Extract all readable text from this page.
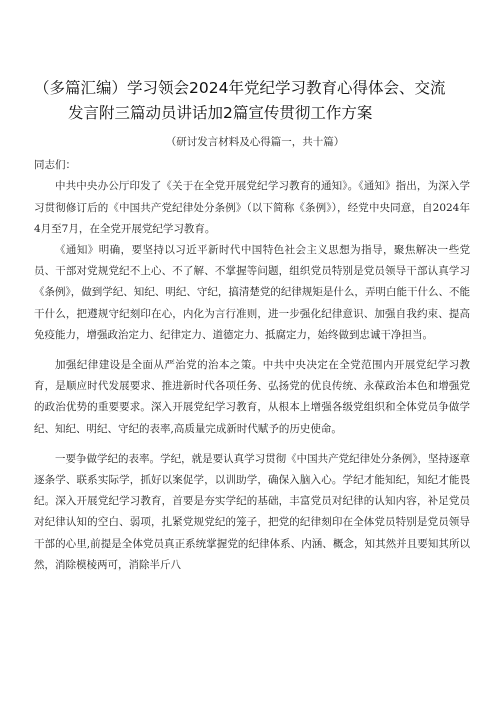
（多篇汇编）学习领会2024年党纪学习教育心得体会、交流
发言附三篇动员讲话加2篇宣传贯彻工作方案

（研讨发言材料及心得篇一，共十篇）

同志们：

中共中央办公厅印发了《关于在全党开展党纪学习教育的通知》。《通知》指出，为深入学习贯彻修订后的《中国共产党纪律处分条例》（以下简称《条例》），经党中央同意，自2024年4月至7月，在全党开展党纪学习教育。

《通知》明确，要坚持以习近平新时代中国特色社会主义思想为指导，聚焦解决一些党员、干部对党规党纪不上心、不了解、不掌握等问题，组织党员特别是党员领导干部认真学习《条例》，做到学纪、知纪、明纪、守纪，搞清楚党的纪律规矩是什么，弄明白能干什么、不能干什么，把遵规守纪刻印在心，内化为言行准则，进一步强化纪律意识、加强自我约束、提高免疫能力，增强政治定力、纪律定力、道德定力、抵腐定力，始终做到忠诚干净担当。

加强纪律建设是全面从严治党的治本之策。中共中央决定在全党范围内开展党纪学习教育，是顺应时代发展要求、推进新时代各项任务、弘扬党的优良传统、永葆政治本色和增强党的政治优势的重要要求。深入开展党纪学习教育，从根本上增强各级党组织和全体党员争做学纪、知纪、明纪、守纪的表率,高质量完成新时代赋予的历史使命。

一要争做学纪的表率。学纪，就是要认真学习贯彻《中国共产党纪律处分条例》，坚持逐章逐条学、联系实际学，抓好以案促学，以训助学，确保入脑入心。学纪才能知纪，知纪才能畏纪。深入开展党纪学习教育，首要是夯实学纪的基础，丰富党员对纪律的认知内容，补足党员对纪律认知的空白、弱项，扎紧党规党纪的笼子，把党的纪律刻印在全体党员特别是党员领导干部的心里,前提是全体党员真正系统掌握党的纪律体系、内涵、概念，知其然并且要知其所以然，消除模棱两可，消除半斤八
